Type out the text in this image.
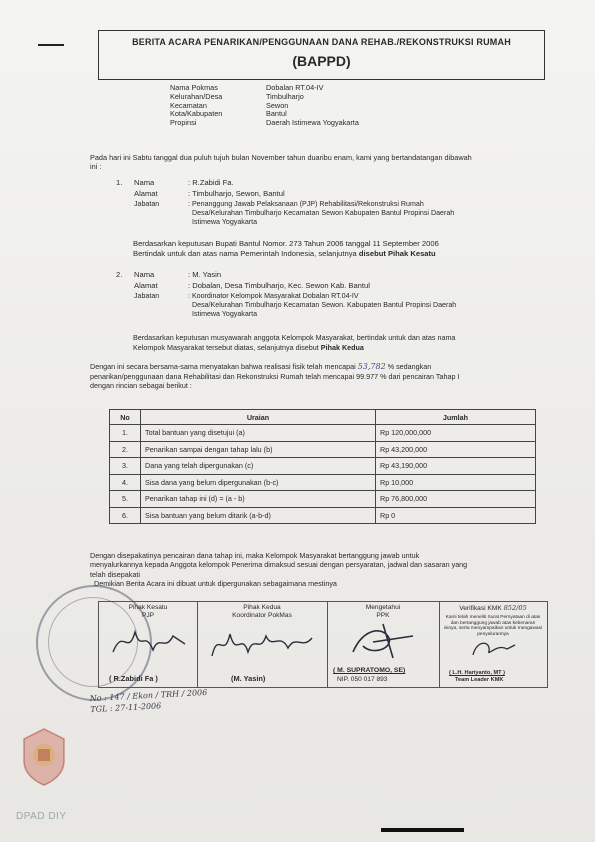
BERITA ACARA PENARIKAN/PENGGUNAAN DANA REHAB./REKONSTRUKSI RUMAH
(BAPPD)
Nama Pokmas	Dobalan RT.04-IV
Kelurahan/Desa	Timbulharjo
Kecamatan	Sewon
Kota/Kabupaten	Bantul
Propinsi	Daerah Istimewa Yogyakarta
Pada hari ini Sabtu tanggal dua puluh tujuh bulan November tahun duaribu enam, kami yang bertandatangan dibawah
ini :
1. Nama	: R.Zabidi Fa.
Alamat	: Timbulharjo, Sewon, Bantul
Jabatan	: Penanggung Jawab Pelaksanaan (PJP) Rehabilitasi/Rekonstruksi Rumah
Desa/Kelurahan Timbulharjo Kecamatan Sewon Kabupaten Bantul Propinsi Daerah
Istimewa Yogyakarta
Berdasarkan keputusan Bupati Bantul Nomor. 273 Tahun 2006 tanggal 11 September 2006
Bertindak untuk dan atas nama Pemerintah Indonesia, selanjutnya disebut Pihak Kesatu
2. Nama	: M. Yasin
Alamat	: Dobalan, Desa Timbulharjo, Kec. Sewon Kab. Bantul
Jabatan	: Koordinator Kelompok Masyarakat Dobalan RT.04-IV
Desa/Kelurahan Timbulharjo Kecamatan Sewon. Kabupaten Bantul Propinsi Daerah
Istimewa Yogyakarta
Berdasarkan keputusan musyawarah anggota Kelompok Masyarakat, bertindak untuk dan atas nama
Kelompok Masyarakat tersebut diatas, selanjutnya disebut Pihak Kedua
Dengan ini secara bersama-sama menyatakan bahwa realisasi fisik telah mencapai 53,782 % sedangkan
penarikan/penggunaan dana Rehabilitasi dan Rekonstruksi Rumah telah mencapai 99.977 % dari pencairan Tahap I
dengan rincian sebagai berikut :
No	Uraian	Jumlah
1.	Total bantuan yang disetujui (a)	Rp 120,000,000
2.	Penarikan sampai dengan tahap lalu (b)	Rp 43,200,000
3.	Dana yang telah dipergunakan (c)	Rp 43,190,000
4.	Sisa dana yang belum dipergunakan (b-c)	Rp 10,000
5.	Penarikan tahap ini (d) = (a - b)	Rp 76,800,000
6.	Sisa bantuan yang belum ditarik (a-b-d)	Rp 0
Dengan disepakatinya pencairan dana tahap ini, maka Kelompok Masyarakat bertanggung jawab untuk
menyalurkannya kepada Anggota kelompok Penerima dimaksud sesuai dengan persyaratan, jadwal dan sasaran yang
telah disepakati
Demikian Berita Acara ini dibuat untuk dipergunakan sebagaimana mestinya
Pihak Kesatu
PJP
( R.Zabidi Fa )
Pihak Kedua
Koordinator PokMas
(M. Yasin)
Mengetahui
PPK
( M. SUPRATOMO, SE)
NIP. 050 017 893
Verifikasi KMK 852/05
Kami telah meneliti Surat Pernyataan di atas
dan bertanggung jawab atas kebenaran
isinya, serta menyampaikan untuk mengawasi
penyalurannya
( L.H. Hariyanto, MT )
Team Leader KMK
No : 147 / Ekon / TRH / 2006
TGL : 27-11-2006
DPAD DIY
